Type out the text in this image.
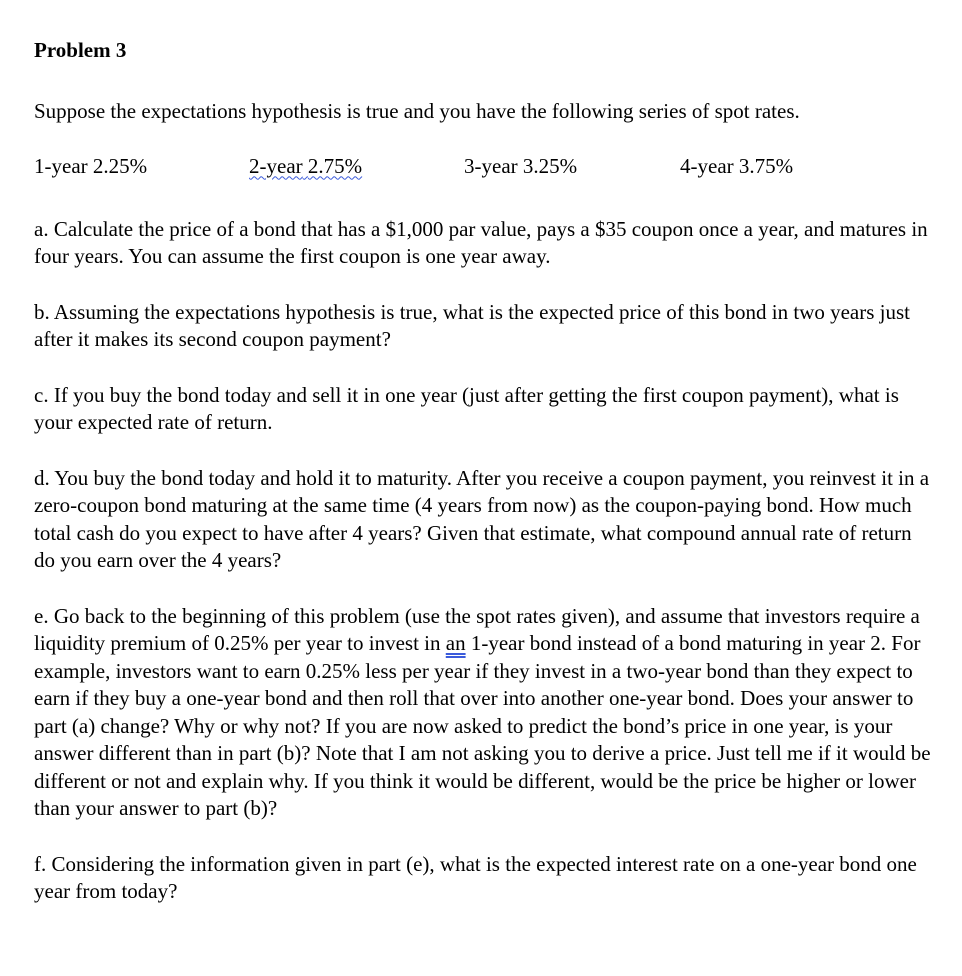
Problem 3

Suppose the expectations hypothesis is true and you have the following series of spot rates.

1-year 2.25%	2-year 2.75%	3-year 3.25%	4-year 3.75%

a. Calculate the price of a bond that has a $1,000 par value, pays a $35 coupon once a year, and matures in four years. You can assume the first coupon is one year away.

b. Assuming the expectations hypothesis is true, what is the expected price of this bond in two years just after it makes its second coupon payment?

c. If you buy the bond today and sell it in one year (just after getting the first coupon payment), what is your expected rate of return.

d. You buy the bond today and hold it to maturity. After you receive a coupon payment, you reinvest it in a zero-coupon bond maturing at the same time (4 years from now) as the coupon-paying bond. How much total cash do you expect to have after 4 years? Given that estimate, what compound annual rate of return do you earn over the 4 years?

e. Go back to the beginning of this problem (use the spot rates given), and assume that investors require a liquidity premium of 0.25% per year to invest in an 1-year bond instead of a bond maturing in year 2. For example, investors want to earn 0.25% less per year if they invest in a two-year bond than they expect to earn if they buy a one-year bond and then roll that over into another one-year bond. Does your answer to part (a) change? Why or why not? If you are now asked to predict the bond’s price in one year, is your answer different than in part (b)? Note that I am not asking you to derive a price. Just tell me if it would be different or not and explain why. If you think it would be different, would be the price be higher or lower than your answer to part (b)?

f. Considering the information given in part (e), what is the expected interest rate on a one-year bond one year from today?
